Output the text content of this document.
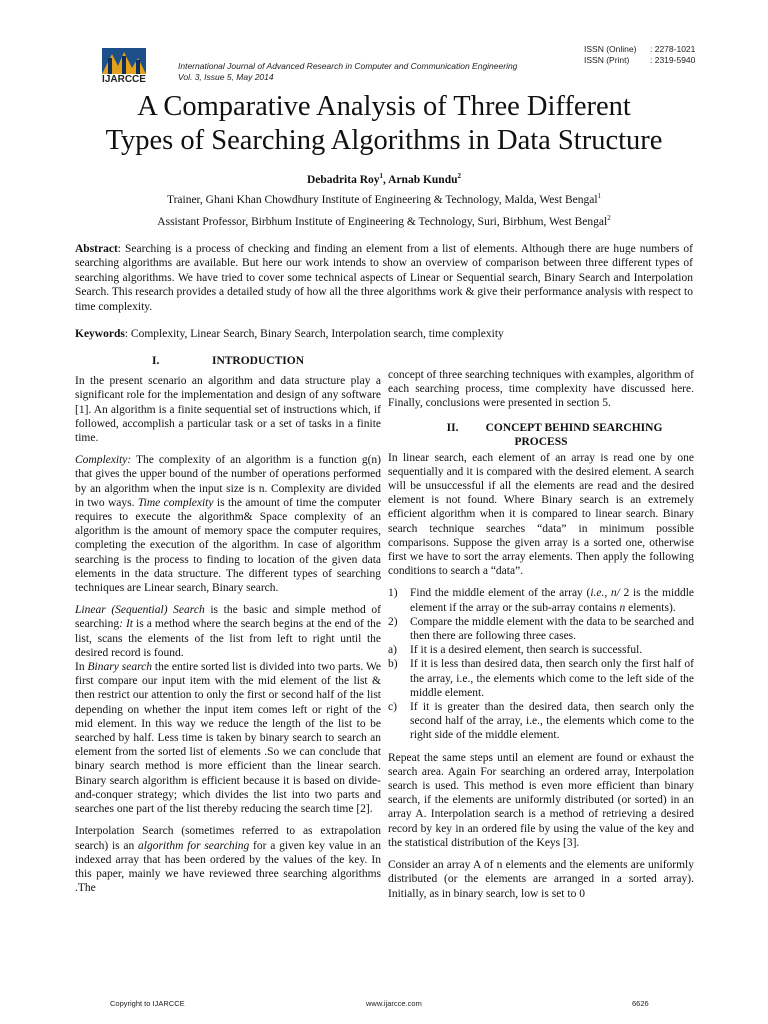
IJARCCE
International Journal of Advanced Research in Computer and Communication Engineering
Vol. 3, Issue 5, May 2014
ISSN (Online) : 2278-1021
ISSN (Print) : 2319-5940
A Comparative Analysis of Three Different
Types of Searching Algorithms in Data Structure
Debadrita Roy$^1$, Arnab Kundu$^2$
Trainer, Ghani Khan Chowdhury Institute of Engineering & Technology, Malda, West Bengal$^1$
Assistant Professor, Birbhum Institute of Engineering & Technology, Suri, Birbhum, West Bengal$^2$
Abstract: Searching is a process of checking and finding an element from a list of elements. Although there are huge numbers of searching algorithms are available. But here our work intends to show an overview of comparison between three different types of searching algorithms. We have tried to cover some technical aspects of Linear or Sequential search, Binary Search and Interpolation Search. This research provides a detailed study of how all the three algorithms work & give their performance analysis with respect to time complexity.
Keywords: Complexity, Linear Search, Binary Search, Interpolation search, time complexity
I.	INTRODUCTION

In the present scenario an algorithm and data structure play a significant role for the implementation and design of any software [1]. An algorithm is a finite sequential set of instructions which, if followed, accomplish a particular task or a set of tasks in a finite time.

Complexity: The complexity of an algorithm is a function g(n) that gives the upper bound of the number of operations performed by an algorithm when the input size is n. Complexity are divided in two ways. Time complexity is the amount of time the computer requires to execute the algorithm& Space complexity of an algorithm is the amount of memory space the computer requires, completing the execution of the algorithm. In case of algorithm searching is the process to finding to location of the given data elements in the data structure. The different types of searching techniques are Linear search, Binary search.

Linear (Sequential) Search is the basic and simple method of searching: It is a method where the search begins at the end of the list, scans the elements of the list from left to right until the desired record is found.

In Binary search the entire sorted list is divided into two parts. We first compare our input item with the mid element of the list & then restrict our attention to only the first or second half of the list depending on whether the input item comes left or right of the mid element. In this way we reduce the length of the list to be searched by half. Less time is taken by binary search to search an element from the sorted list of elements .So we can conclude that binary search method is more efficient than the linear search. Binary search algorithm is efficient because it is based on divide-and-conquer strategy; which divides the list into two parts and searches one part of the list thereby reducing the search time [2].

Interpolation Search (sometimes referred to as extrapolation search) is an algorithm for searching for a given key value in an indexed array that has been ordered by the values of the key. In this paper, mainly we have reviewed three searching algorithms .The

concept of three searching techniques with examples, algorithm of each searching process, time complexity have discussed here. Finally, conclusions were presented in section 5.

II. CONCEPT BEHIND SEARCHING
PROCESS

In linear search, each element of an array is read one by one sequentially and it is compared with the desired element. A search will be unsuccessful if all the elements are read and the desired element is not found. Where Binary search is an extremely efficient algorithm when it is compared to linear search. Binary search technique searches “data” in minimum possible comparisons. Suppose the given array is a sorted one, otherwise first we have to sort the array elements. Then apply the following conditions to search a “data”.

1)	Find the middle element of the array (i.e., n/ 2 is the middle element if the array or the sub-array contains n elements).
2)	Compare the middle element with the data to be searched and then there are following three cases.
a)	If it is a desired element, then search is successful.
b)	If it is less than desired data, then search only the first half of the array, i.e., the elements which come to the left side of the middle element.
c)	If it is greater than the desired data, then search only the second half of the array, i.e., the elements which come to the right side of the middle element.

Repeat the same steps until an element are found or exhaust the search area. Again For searching an ordered array, Interpolation search is used. This method is even more efficient than binary search, if the elements are uniformly distributed (or sorted) in an array A. Interpolation search is a method of retrieving a desired record by key in an ordered file by using the value of the key and the statistical distribution of the Keys [3].

Consider an array A of n elements and the elements are uniformly distributed (or the elements are arranged in a sorted array). Initially, as in binary search, low is set to 0

Copyright to IJARCCE	www.ijarcce.com	6626
